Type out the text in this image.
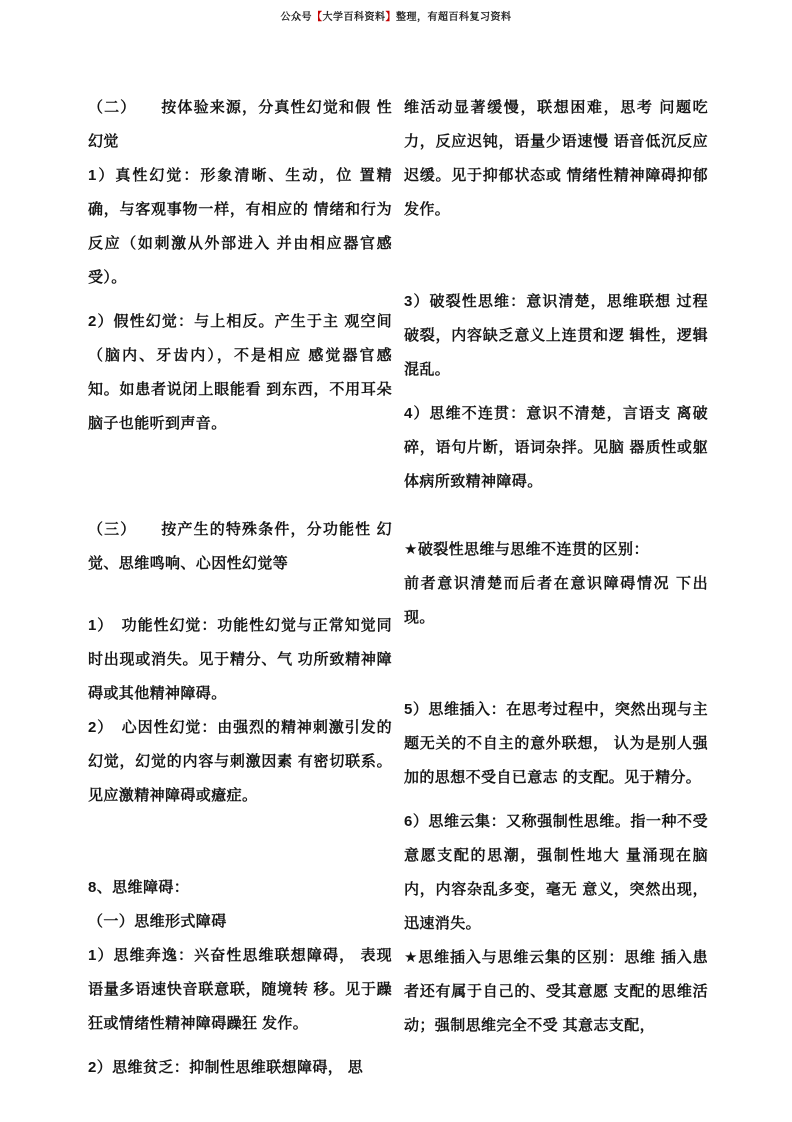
公众号【大学百科资料】整理，有超百科复习资料

（二）　　按体验来源，分真性幻觉和假 性幻觉

1）真性幻觉：形象清晰、生动，位 置精确，与客观事物一样，有相应的 情绪和行为反应（如刺激从外部进入 并由相应器官感受）。

2）假性幻觉：与上相反。产生于主 观空间（脑内、牙齿内），不是相应 感觉器官感知。如患者说闭上眼能看 到东西，不用耳朵脑子也能听到声音。

（三）　　按产生的特殊条件，分功能性 幻觉、思维鸣响、心因性幻觉等

1）　功能性幻觉：功能性幻觉与正常知觉同时出现或消失。见于精分、气 功所致精神障碍或其他精神障碍。

2）　心因性幻觉：由强烈的精神刺激引发的幻觉，幻觉的内容与刺激因素 有密切联系。见应激精神障碍或癔症。

8、思维障碍：

（一）思维形式障碍

1）思维奔逸：兴奋性思维联想障碍， 表现语量多语速快音联意联，随境转 移。见于躁狂或情绪性精神障碍躁狂 发作。

2）思维贫乏：抑制性思维联想障碍， 思

维活动显著缓慢，联想困难，思考 问题吃力，反应迟钝，语量少语速慢 语音低沉反应迟缓。见于抑郁状态或 情绪性精神障碍抑郁发作。

3）破裂性思维：意识清楚，思维联想 过程破裂，内容缺乏意义上连贯和逻 辑性，逻辑混乱。

4）思维不连贯：意识不清楚，言语支 离破碎，语句片断，语词杂拌。见脑 器质性或躯体病所致精神障碍。

★破裂性思维与思维不连贯的区别：

前者意识清楚而后者在意识障碍情况 下出现。

5）思维插入：在思考过程中，突然出现与主题无关的不自主的意外联想， 认为是别人强加的思想不受自已意志 的支配。见于精分。

6）思维云集：又称强制性思维。指一种不受意愿支配的思潮，强制性地大 量涌现在脑内，内容杂乱多变，毫无 意义，突然出现，迅速消失。

★思维插入与思维云集的区别：思维 插入患者还有属于自己的、受其意愿 支配的思维活动；强制思维完全不受 其意志支配，
